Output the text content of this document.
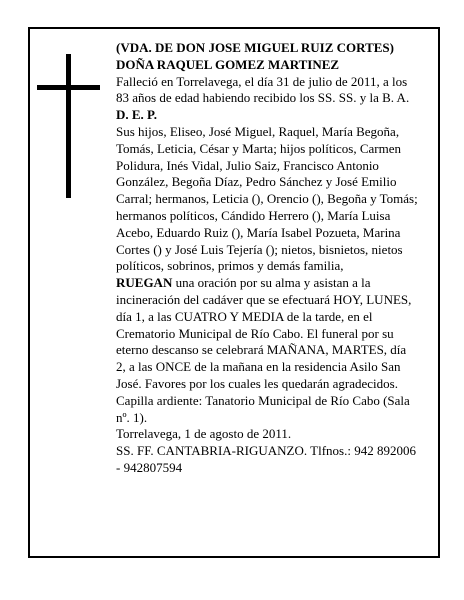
(VDA. DE DON JOSE MIGUEL RUIZ CORTES)

DOÑA RAQUEL GOMEZ MARTINEZ

Falleció en Torrelavega, el día 31 de julio de 2011, a los 83 años de edad habiendo recibido los SS. SS. y la B. A.

D. E. P.

Sus hijos, Eliseo, José Miguel, Raquel, María Begoña, Tomás, Leticia, César y Marta; hijos políticos, Carmen Polidura, Inés Vidal, Julio Saiz, Francisco Antonio González, Begoña Díaz, Pedro Sánchez y José Emilio Carral; hermanos, Leticia (), Orencio (), Begoña y Tomás; hermanos políticos, Cándido Herrero (), María Luisa Acebo, Eduardo Ruiz (), María Isabel Pozueta, Marina Cortes () y José Luis Tejería (); nietos, bisnietos, nietos políticos, sobrinos, primos y demás familia,

RUEGAN una oración por su alma y asistan a la incineración del cadáver que se efectuará HOY, LUNES, día 1, a las CUATRO Y MEDIA de la tarde, en el Crematorio Municipal de Río Cabo. El funeral por su eterno descanso se celebrará MAÑANA, MARTES, día 2, a las ONCE de la mañana en la residencia Asilo San José. Favores por los cuales les quedarán agradecidos. Capilla ardiente: Tanatorio Municipal de Río Cabo (Sala nº. 1).

Torrelavega, 1 de agosto de 2011.

SS. FF. CANTABRIA-RIGUANZO. Tlfnos.: 942 892006 - 942807594
